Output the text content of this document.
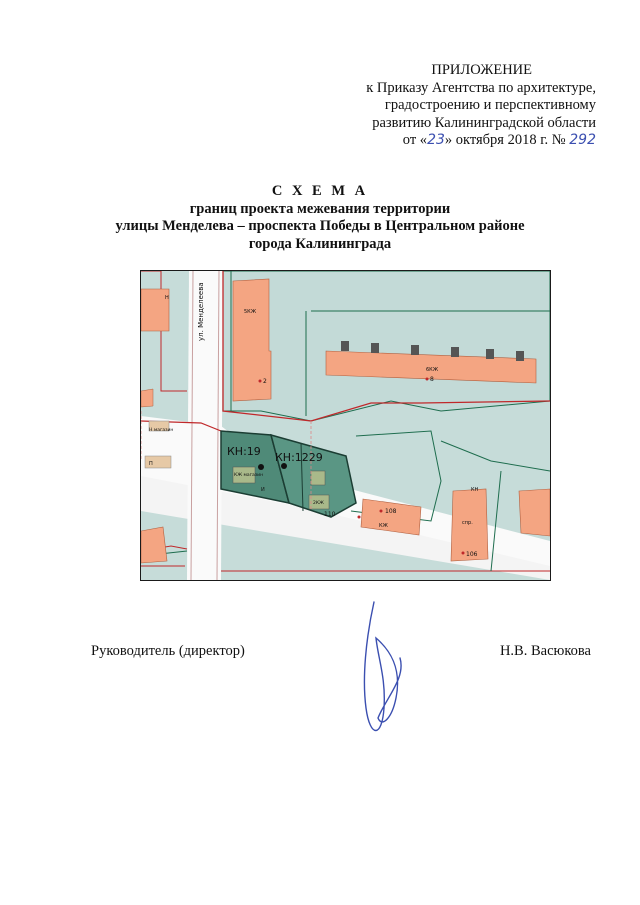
ПРИЛОЖЕНИЕ
к Приказу Агентства по архитектуре,
градостроению и перспективному
развитию Калининградской области
от «23» октября 2018 г. № 292
С Х Е М А
границ проекта межевания территории
улицы Менделева – проспекта Победы в Центральном районе
города Калининграда
ул. Менделеева	5КЖ
6КЖ
2	8
КН:19 КН:1229
КЖ магазин
2КЖ
110	108
КЖ	спр.
106
Н магазин
Н
КН
И
П
Руководитель (директор)	Н.В. Васюкова
